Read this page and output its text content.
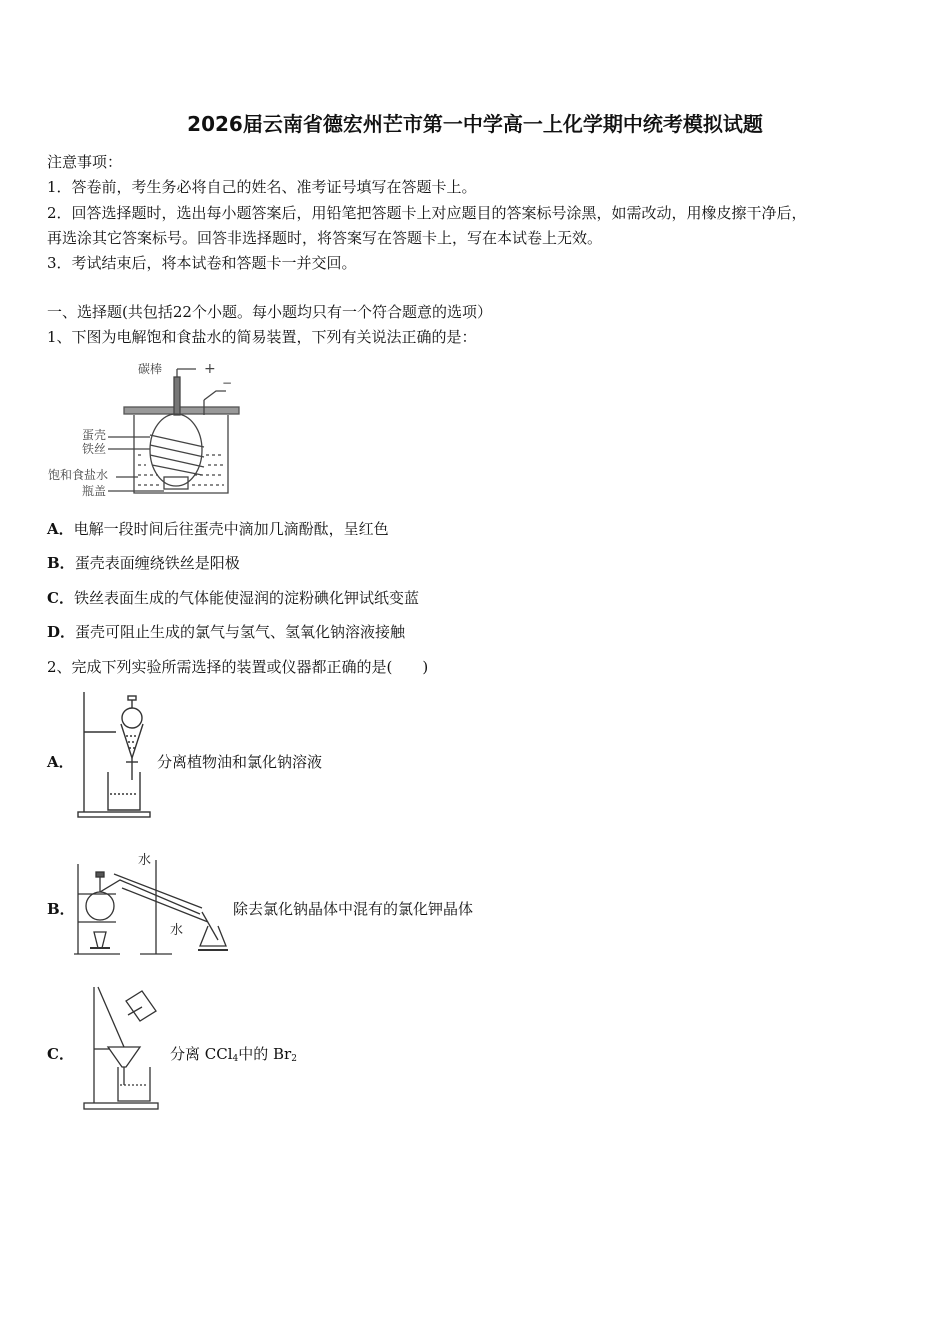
2026届云南省德宏州芒市第一中学高一上化学期中统考模拟试题
注意事项：
1．答卷前，考生务必将自己的姓名、准考证号填写在答题卡上。
2．回答选择题时，选出每小题答案后，用铅笔把答题卡上对应题目的答案标号涂黑，如需改动，用橡皮擦干净后，
再选涂其它答案标号。回答非选择题时，将答案写在答题卡上，写在本试卷上无效。
3．考试结束后，将本试卷和答题卡一并交回。
一、选择题(共包括22个小题。每小题均只有一个符合题意的选项）
1、下图为电解饱和食盐水的简易装置，下列有关说法正确的是：
碳棒	+
−
蛋壳
铁丝
饱和食盐水
瓶盖
A．电解一段时间后往蛋壳中滴加几滴酚酞，呈红色
B．蛋壳表面缠绕铁丝是阳极
C．铁丝表面生成的气体能使湿润的淀粉碘化钾试纸变蓝
D．蛋壳可阻止生成的氯气与氢气、氢氧化钠溶液接触
2、完成下列实验所需选择的装置或仪器都正确的是(　　)
A．	分离植物油和氯化钠溶液
水
水
B．	除去氯化钠晶体中混有的氯化钾晶体
C．	分离 CCl$_4$中的 $Br_2$
